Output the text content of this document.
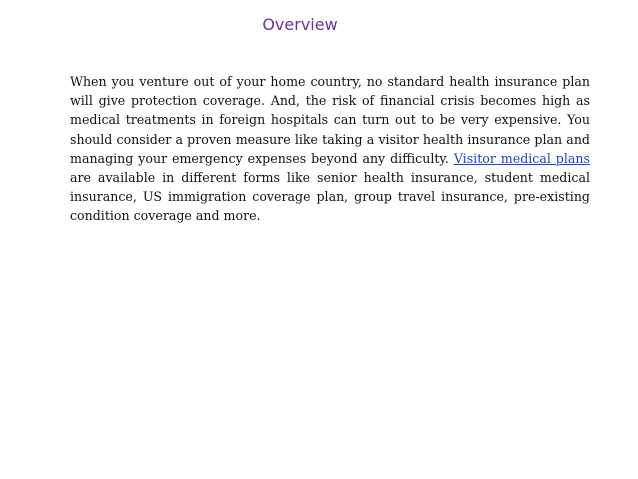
Overview

When you venture out of your home country, no standard health insurance plan will give protection coverage. And, the risk of financial crisis becomes high as medical treatments in foreign hospitals can turn out to be very expensive. You should consider a proven measure like taking a visitor health insurance plan and managing your emergency expenses beyond any difficulty. Visitor medical plans are available in different forms like senior health insurance, student medical insurance, US immigration coverage plan, group travel insurance, pre-existing condition coverage and more.
